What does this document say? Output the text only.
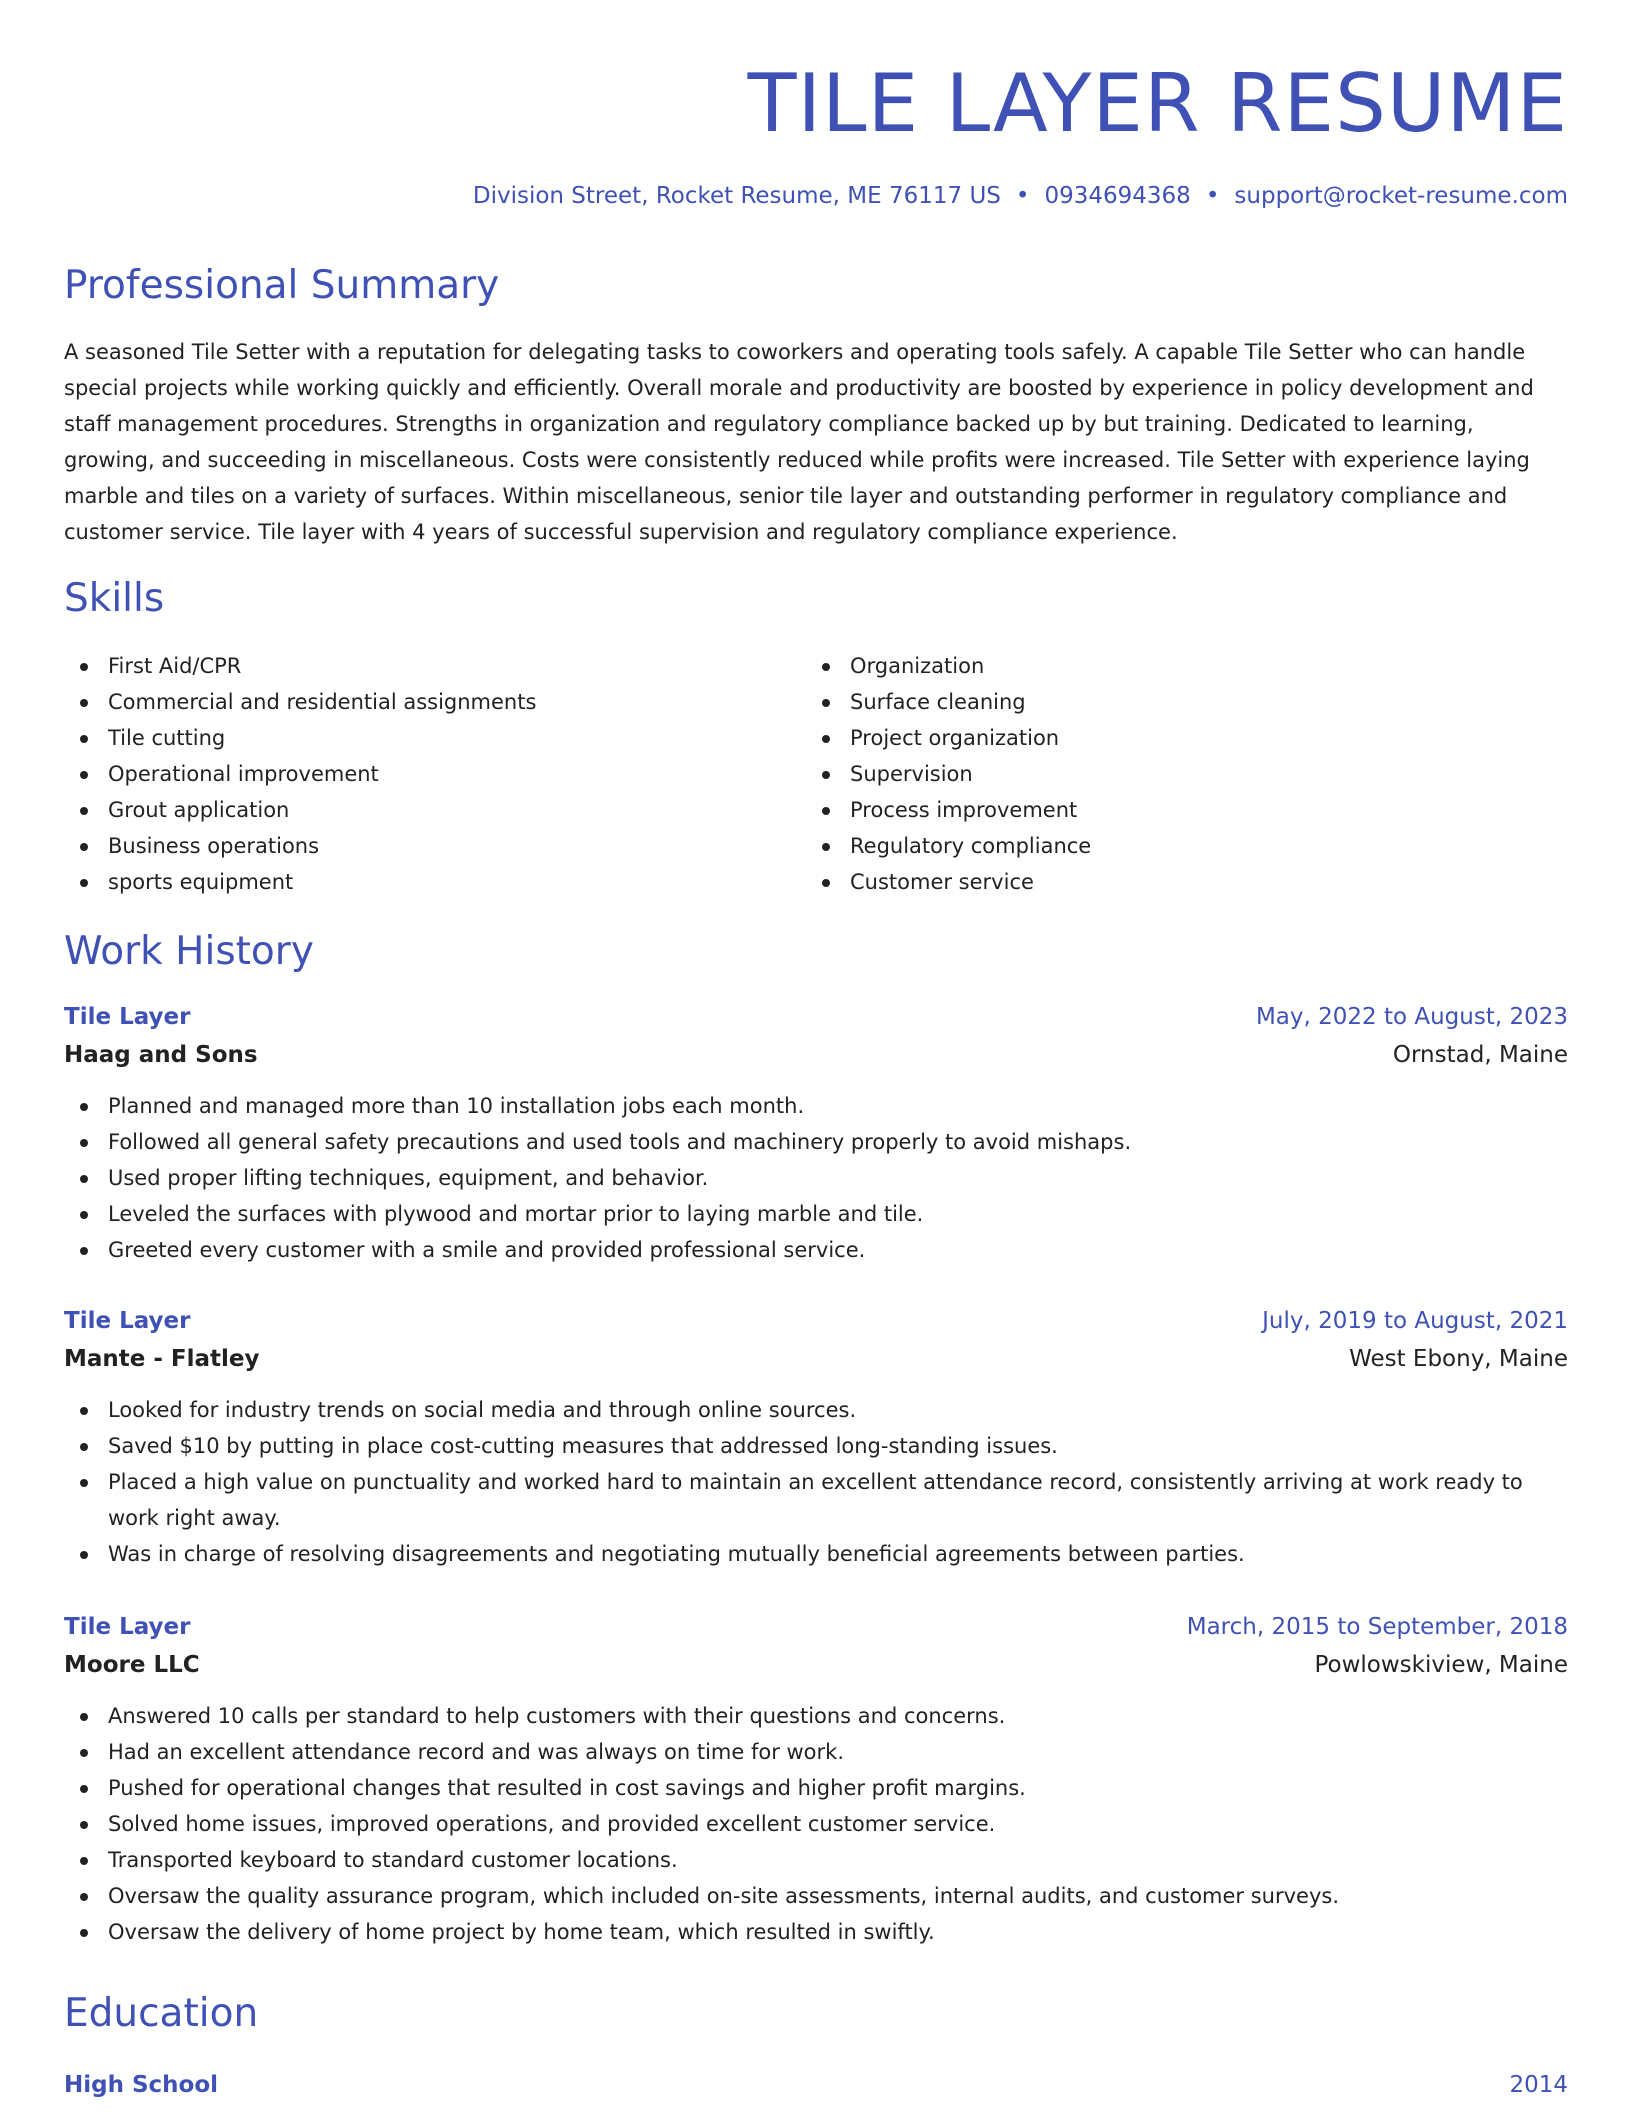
TILE LAYER RESUME
Division Street, Rocket Resume, ME 76117 US • 0934694368 • support@rocket-resume.com
Professional Summary

A seasoned Tile Setter with a reputation for delegating tasks to coworkers and operating tools safely. A capable Tile Setter who can handle special projects while working quickly and efficiently. Overall morale and productivity are boosted by experience in policy development and staff management procedures. Strengths in organization and regulatory compliance backed up by but training. Dedicated to learning, growing, and succeeding in miscellaneous. Costs were consistently reduced while profits were increased. Tile Setter with experience laying marble and tiles on a variety of surfaces. Within miscellaneous, senior tile layer and outstanding performer in regulatory compliance and customer service. Tile layer with 4 years of successful supervision and regulatory compliance experience.

Skills
First Aid/CPR
Commercial and residential assignments
Tile cutting
Operational improvement
Grout application
Business operations
sports equipment
Organization
Surface cleaning
Project organization
Supervision
Process improvement
Regulatory compliance
Customer service
Work History
Tile Layer	May, 2022 to August, 2023
Haag and Sons	Ornstad, Maine
Planned and managed more than 10 installation jobs each month.
Followed all general safety precautions and used tools and machinery properly to avoid mishaps.
Used proper lifting techniques, equipment, and behavior.
Leveled the surfaces with plywood and mortar prior to laying marble and tile.
Greeted every customer with a smile and provided professional service.
Tile Layer	July, 2019 to August, 2021
Mante - Flatley	West Ebony, Maine
Looked for industry trends on social media and through online sources.
Saved $10 by putting in place cost-cutting measures that addressed long-standing issues.
Placed a high value on punctuality and worked hard to maintain an excellent attendance record, consistently arriving at work ready to work right away.
Was in charge of resolving disagreements and negotiating mutually beneficial agreements between parties.
Tile Layer	March, 2015 to September, 2018
Moore LLC	Powlowskiview, Maine
Answered 10 calls per standard to help customers with their questions and concerns.
Had an excellent attendance record and was always on time for work.
Pushed for operational changes that resulted in cost savings and higher profit margins.
Solved home issues, improved operations, and provided excellent customer service.
Transported keyboard to standard customer locations.
Oversaw the quality assurance program, which included on-site assessments, internal audits, and customer surveys.
Oversaw the delivery of home project by home team, which resulted in swiftly.
Education
High School	2014
